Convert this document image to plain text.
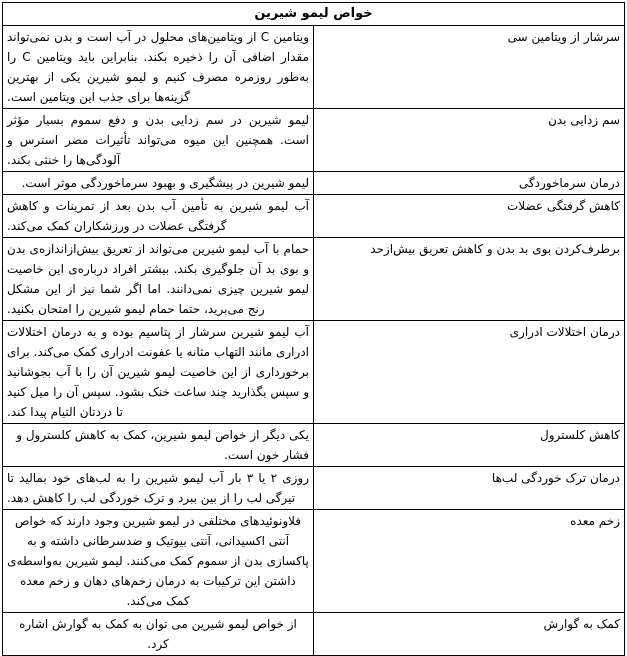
خواص لیمو شیرین	
سرشار از ویتامین سی	ویتامین C از ویتامین‌های محلول در آب است و بدن نمی‌تواند مقدار اضافی آن را ذخیره بکند. بنابراین باید ویتامین C را به‌طور روزمره مصرف کنیم و لیمو شیرین یکی از بهترین گزینه‌ها برای جذب این ویتامین است.
سم زدایی بدن	لیمو شیرین در سم زدایی بدن و دفع سموم بسیار مؤثر است. همچنین این میوه می‌تواند تأثیرات مضر استرس و آلودگی‌ها را خنثی بکند.
درمان سرماخوردگی	لیمو شیرین در پیشگیری و بهبود سرماخوردگی موثر است.
کاهش گرفتگی عضلات	آب لیمو شیرین به تأمین آب بدن بعد از تمرینات و کاهش گرفتگی عضلات در ورزشکاران کمک می‌کند.
برطرف‌کردن بوی بد بدن و کاهش تعریق بیش‌ازحد	حمام با آب لیمو شیرین می‌تواند از تعریق بیش‌ازاندازه‌ی بدن و بوی بد آن جلوگیری بکند. بیشتر افراد درباره‌ی این خاصیت لیمو شیرین چیزی نمی‌دانند. اما اگر شما نیز از این مشکل رنج می‌برید، حتما حمام لیمو شیرین را امتحان بکنید.
درمان اختلالات ادراری	آب لیمو شیرین سرشار از پتاسیم بوده و به درمان اختلالات ادراری مانند التهاب مثانه یا عفونت ادراری کمک می‌کند. برای برخورداری از این خاصیت لیمو شیرین آن را با آب بجوشانید و سپس بگذارید چند ساعت خنک بشود. سپس آن را میل کنید تا دردتان التیام پیدا کند.
کاهش کلسترول	یکی دیگر از خواص لیمو شیرین، کمک به کاهش کلسترول و فشار خون است.
درمان ترک خوردگی لب‌ها	روزی ۲ یا ۳ بار آب لیمو شیرین را به لب‌های خود بمالید تا تیرگی لب را از بین ببرد و ترک خوردگی لب را کاهش دهد.
زخم معده	فلاونوئیدهای مختلفی در لیمو شیرین وجود دارند که خواص آنتی اکسیدانی، آنتی بیوتیک و ضدسرطانی داشته و به پاکسازی بدن از سموم کمک می‌کنند. لیمو شیرین به‌واسطه‌ی داشتن این ترکیبات به درمان زخم‌های دهان و زخم معده کمک می‌کند.
کمک به گوارش	از خواص لیمو شیرین می توان به کمک به گوارش اشاره کرد.
